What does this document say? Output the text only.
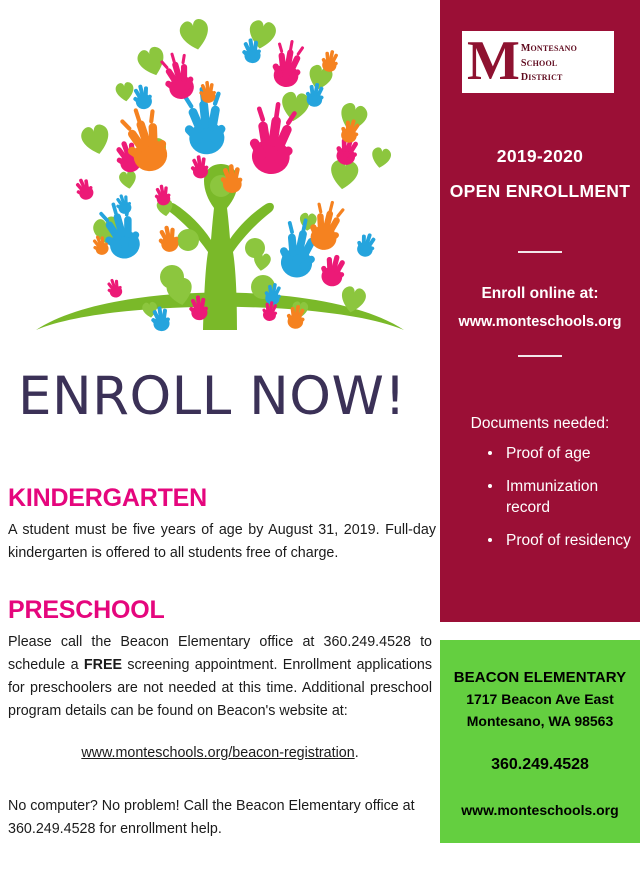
ENROLL NOW!
KINDERGARTEN
A student must be five years of age by August 31, 2019. Full-day kindergarten is offered to all students free of charge.
PRESCHOOL
Please call the Beacon Elementary office at 360.249.4528 to schedule a FREE screening appointment. Enrollment applications for preschoolers are not needed at this time. Additional preschool program details can be found on Beacon's website at:
www.monteschools.org/beacon-registration.
No computer? No problem! Call the Beacon Elementary office at 360.249.4528 for enrollment help.
M montesano
school
district
2019-2020
OPEN ENROLLMENT
Enroll online at:
www.monteschools.org
Documents needed:
Proof of age
Immunization record
Proof of residency
BEACON ELEMENTARY
1717 Beacon Ave East
Montesano, WA 98563
360.249.4528
www.monteschools.org
